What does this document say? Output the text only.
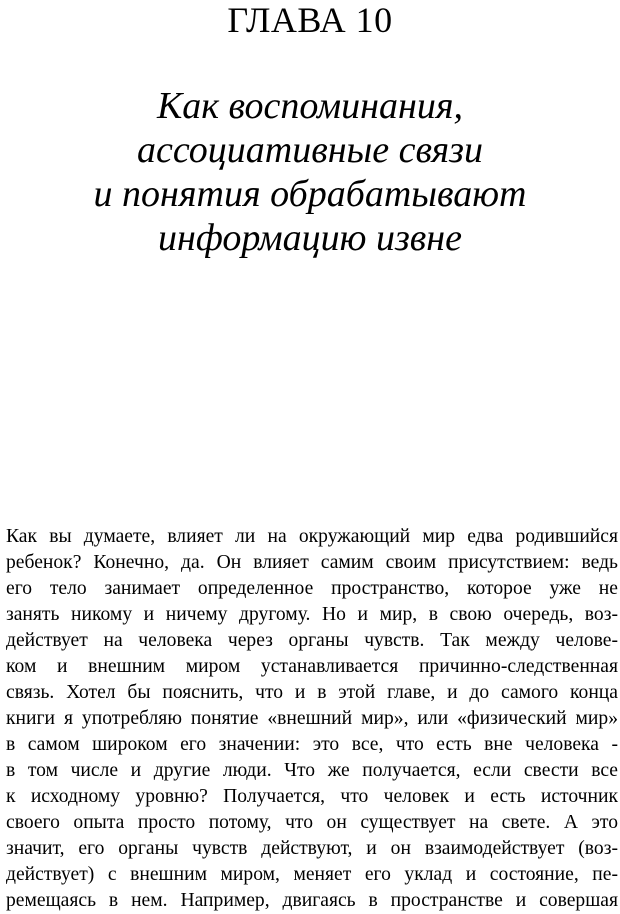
ГЛАВА 10
Как воспоминания,
ассоциативные связи
и понятия обрабатывают
информацию извне
Как вы думаете, влияет ли на окружающий мир едва родившийся
ребенок? Конечно, да. Он влияет самим своим присутствием: ведь
его тело занимает определенное пространство, которое уже не
занять никому и ничему другому. Но и мир, в свою очередь, воз-
действует на человека через органы чувств. Так между челове-
ком и внешним миром устанавливается причинно-следственная
связь. Хотел бы пояснить, что и в этой главе, и до самого конца
книги я употребляю понятие «внешний мир», или «физический мир»
в самом широком его значении: это все, что есть вне человека -
в том числе и другие люди. Что же получается, если свести все
к исходному уровню? Получается, что человек и есть источник
своего опыта просто потому, что он существует на свете. А это
значит, его органы чувств действуют, и он взаимодействует (воз-
действует) с внешним миром, меняет его уклад и состояние, пе-
ремещаясь в нем. Например, двигаясь в пространстве и совершая
